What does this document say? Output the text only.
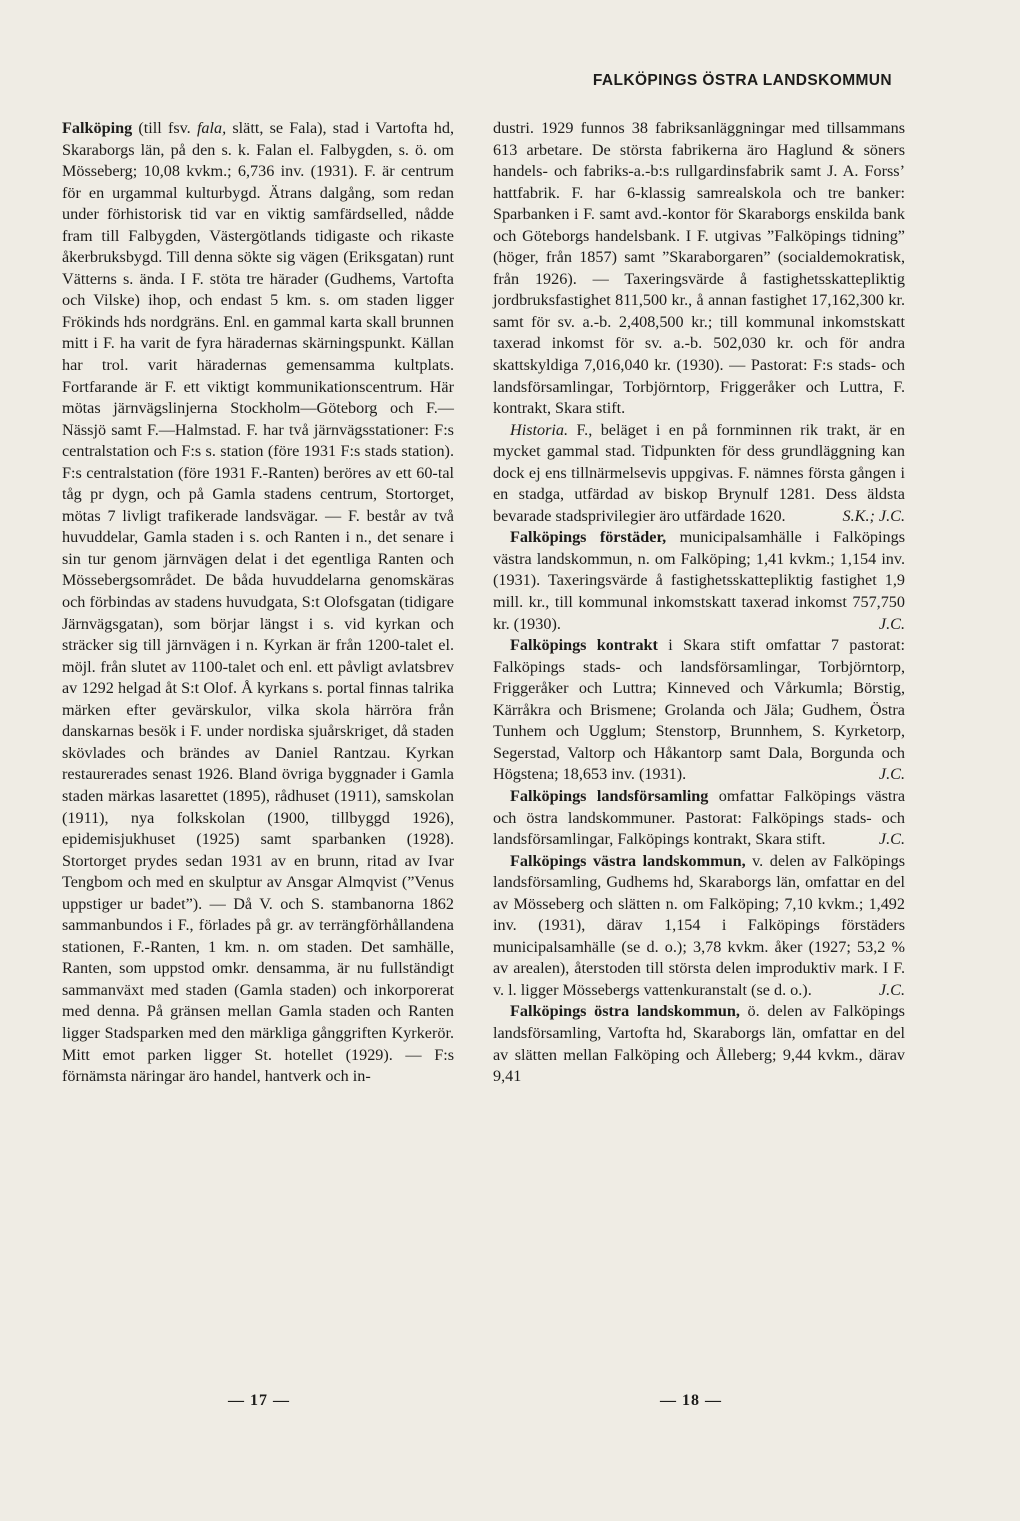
FALKÖPINGS ÖSTRA LANDSKOMMUN

Falköping (till fsv. fala, slätt, se Fala), stad i Vartofta hd, Skaraborgs län, på den s. k. Falan el. Falbygden, s. ö. om Mösseberg; 10,08 kvkm.; 6,736 inv. (1931). F. är centrum för en urgammal kulturbygd. Ätrans dalgång, som redan under förhistorisk tid var en viktig samfärdselled, nådde fram till Falbygden, Västergötlands tidigaste och rikaste åkerbruksbygd. Till denna sökte sig vägen (Eriksgatan) runt Vätterns s. ända. I F. stöta tre härader (Gudhems, Vartofta och Vilske) ihop, och endast 5 km. s. om staden ligger Frökinds hds nordgräns. Enl. en gammal karta skall brunnen mitt i F. ha varit de fyra häradernas skärningspunkt. Källan har trol. varit häradernas gemensamma kultplats. Fortfarande är F. ett viktigt kommunikationscentrum. Här mötas järnvägslinjerna Stockholm—Göteborg och F.—Nässjö samt F.—Halmstad. F. har två järnvägsstationer: F:s centralstation och F:s s. station (före 1931 F:s stads station). F:s centralstation (före 1931 F.-Ranten) beröres av ett 60-tal tåg pr dygn, och på Gamla stadens centrum, Stortorget, mötas 7 livligt trafikerade landsvägar. — F. består av två huvuddelar, Gamla staden i s. och Ranten i n., det senare i sin tur genom järnvägen delat i det egentliga Ranten och Mössebergsområdet. De båda huvuddelarna genomskäras och förbindas av stadens huvudgata, S:t Olofsgatan (tidigare Järnvägsgatan), som börjar längst i s. vid kyrkan och sträcker sig till järnvägen i n. Kyrkan är från 1200-talet el. möjl. från slutet av 1100-talet och enl. ett påvligt avlatsbrev av 1292 helgad åt S:t Olof. Å kyrkans s. portal finnas talrika märken efter gevärskulor, vilka skola härröra från danskarnas besök i F. under nordiska sjuårskriget, då staden skövlades och brändes av Daniel Rantzau. Kyrkan restaurerades senast 1926. Bland övriga byggnader i Gamla staden märkas lasarettet (1895), rådhuset (1911), samskolan (1911), nya folkskolan (1900, tillbyggd 1926), epidemisjukhuset (1925) samt sparbanken (1928). Stortorget prydes sedan 1931 av en brunn, ritad av Ivar Tengbom och med en skulptur av Ansgar Almqvist (”Venus uppstiger ur badet”). — Då V. och S. stambanorna 1862 sammanbundos i F., förlades på gr. av terrängförhållandena stationen, F.-Ranten, 1 km. n. om staden. Det samhälle, Ranten, som uppstod omkr. densamma, är nu fullständigt sammanväxt med staden (Gamla staden) och inkorporerat med denna. På gränsen mellan Gamla staden och Ranten ligger Stadsparken med den märkliga gånggriften Kyrkerör. Mitt emot parken ligger St. hotellet (1929). — F:s förnämsta näringar äro handel, hantverk och in-

dustri. 1929 funnos 38 fabriksanläggningar med tillsammans 613 arbetare. De största fabrikerna äro Haglund & söners handels- och fabriks-a.-b:s rullgardinsfabrik samt J. A. Forss’ hattfabrik. F. har 6-klassig samrealskola och tre banker: Sparbanken i F. samt avd.-kontor för Skaraborgs enskilda bank och Göteborgs handelsbank. I F. utgivas ”Falköpings tidning” (höger, från 1857) samt ”Skaraborgaren” (socialdemokratisk, från 1926). — Taxeringsvärde å fastighetsskattepliktig jordbruksfastighet 811,500 kr., å annan fastighet 17,162,300 kr. samt för sv. a.-b. 2,408,500 kr.; till kommunal inkomstskatt taxerad inkomst för sv. a.-b. 502,030 kr. och för andra skattskyldiga 7,016,040 kr. (1930). — Pastorat: F:s stads- och landsförsamlingar, Torbjörntorp, Friggeråker och Luttra, F. kontrakt, Skara stift.

Historia. F., beläget i en på fornminnen rik trakt, är en mycket gammal stad. Tidpunkten för dess grundläggning kan dock ej ens tillnärmelsevis uppgivas. F. nämnes första gången i en stadga, utfärdad av biskop Brynulf 1281. Dess äldsta bevarade stadsprivilegier äro utfärdade 1620.	S.K.; J.C.

Falköpings förstäder, municipalsamhälle i Falköpings västra landskommun, n. om Falköping; 1,41 kvkm.; 1,154 inv. (1931). Taxeringsvärde å fastighetsskattepliktig fastighet 1,9 mill. kr., till kommunal inkomstskatt taxerad inkomst 757,750 kr. (1930).	J.C.

Falköpings kontrakt i Skara stift omfattar 7 pastorat: Falköpings stads- och landsförsamlingar, Torbjörntorp, Friggeråker och Luttra; Kinneved och Vårkumla; Börstig, Kärråkra och Brismene; Grolanda och Jäla; Gudhem, Östra Tunhem och Ugglum; Stenstorp, Brunnhem, S. Kyrketorp, Segerstad, Valtorp och Håkantorp samt Dala, Borgunda och Högstena; 18,653 inv. (1931).	J.C.

Falköpings landsförsamling omfattar Falköpings västra och östra landskommuner. Pastorat: Falköpings stads- och landsförsamlingar, Falköpings kontrakt, Skara stift.	J.C.

Falköpings västra landskommun, v. delen av Falköpings landsförsamling, Gudhems hd, Skaraborgs län, omfattar en del av Mösseberg och slätten n. om Falköping; 7,10 kvkm.; 1,492 inv. (1931), därav 1,154 i Falköpings förstäders municipalsamhälle (se d. o.); 3,78 kvkm. åker (1927; 53,2 % av arealen), återstoden till största delen improduktiv mark. I F. v. l. ligger Mössebergs vattenkuranstalt (se d. o.).	J.C.

Falköpings östra landskommun, ö. delen av Falköpings landsförsamling, Vartofta hd, Skaraborgs län, omfattar en del av slätten mellan Falköping och Ålleberg; 9,44 kvkm., därav 9,41

— 17 —	— 18 —
